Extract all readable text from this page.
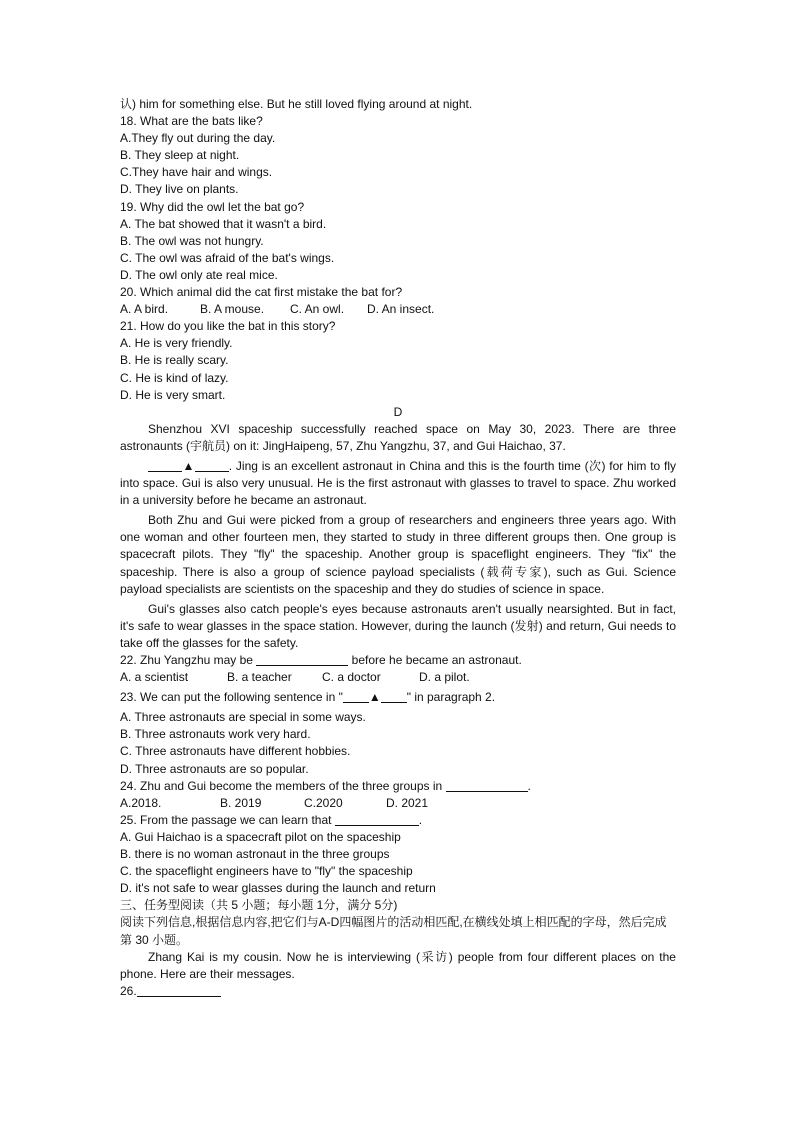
认) him for something else. But he still loved flying around at night.
18. What are the bats like?
A.They fly out during the day.
B. They sleep at night.
C.They have hair and wings.
D. They live on plants.
19. Why did the owl let the bat go?
A. The bat showed that it wasn't a bird.
B. The owl was not hungry.
C. The owl was afraid of the bat's wings.
D. The owl only ate real mice.
20. Which animal did the cat first mistake the bat for?
A. A bird.	B. A mouse.	C. An owl.	D. An insect.
21. How do you like the bat in this story?
A. He is very friendly.
B. He is really scary.
C. He is kind of lazy.
D. He is very smart.
D
Shenzhou XVI spaceship successfully reached space on May 30, 2023. There are three astronaunts (宇航员) on it: JingHaipeng, 57, Zhu Yangzhu, 37, and Gui Haichao, 37.
▲	. Jing is an excellent astronaut in China and this is the fourth time (次) for him to fly into space. Gui is also very unusual. He is the first astronaut with glasses to travel to space. Zhu worked in a university before he became an astronaut.
Both Zhu and Gui were picked from a group of researchers and engineers three years ago. With one woman and other fourteen men, they started to study in three different groups then. One group is spacecraft pilots. They "fly" the spaceship. Another group is spaceflight engineers. They "fix" the spaceship. There is also a group of science payload specialists (载荷专家), such as Gui. Science payload specialists are scientists on the spaceship and they do studies of science in space.
Gui's glasses also catch people's eyes because astronauts aren't usually nearsighted. But in fact, it's safe to wear glasses in the space station. However, during the launch (发射) and return, Gui needs to take off the glasses for the safety.
22. Zhu Yangzhu may be	before he became an astronaut.
A. a scientist	B. a teacher	C. a doctor	D. a pilot.
23. We can put the following sentence in " ▲ " in paragraph 2.
A. Three astronauts are special in some ways.
B. Three astronauts work very hard.
C. Three astronauts have different hobbies.
D. Three astronauts are so popular.
24. Zhu and Gui become the members of the three groups in	.
A.2018.	B. 2019	C.2020	D. 2021
25. From the passage we can learn that	.
A. Gui Haichao is a spacecraft pilot on the spaceship
B. there is no woman astronaut in the three groups
C. the spaceflight engineers have to "fly" the spaceship
D. it's not safe to wear glasses during the launch and return
三、任务型阅读（共 5 小题；每小题 1分，满分 5分)
阅读下列信息,根据信息内容,把它们与A-D四幅图片的活动相匹配,在横线处填上相匹配的字母，然后完成第 30 小题。
Zhang Kai is my cousin. Now he is interviewing (采访) people from four different places on the phone. Here are their messages.
26.
